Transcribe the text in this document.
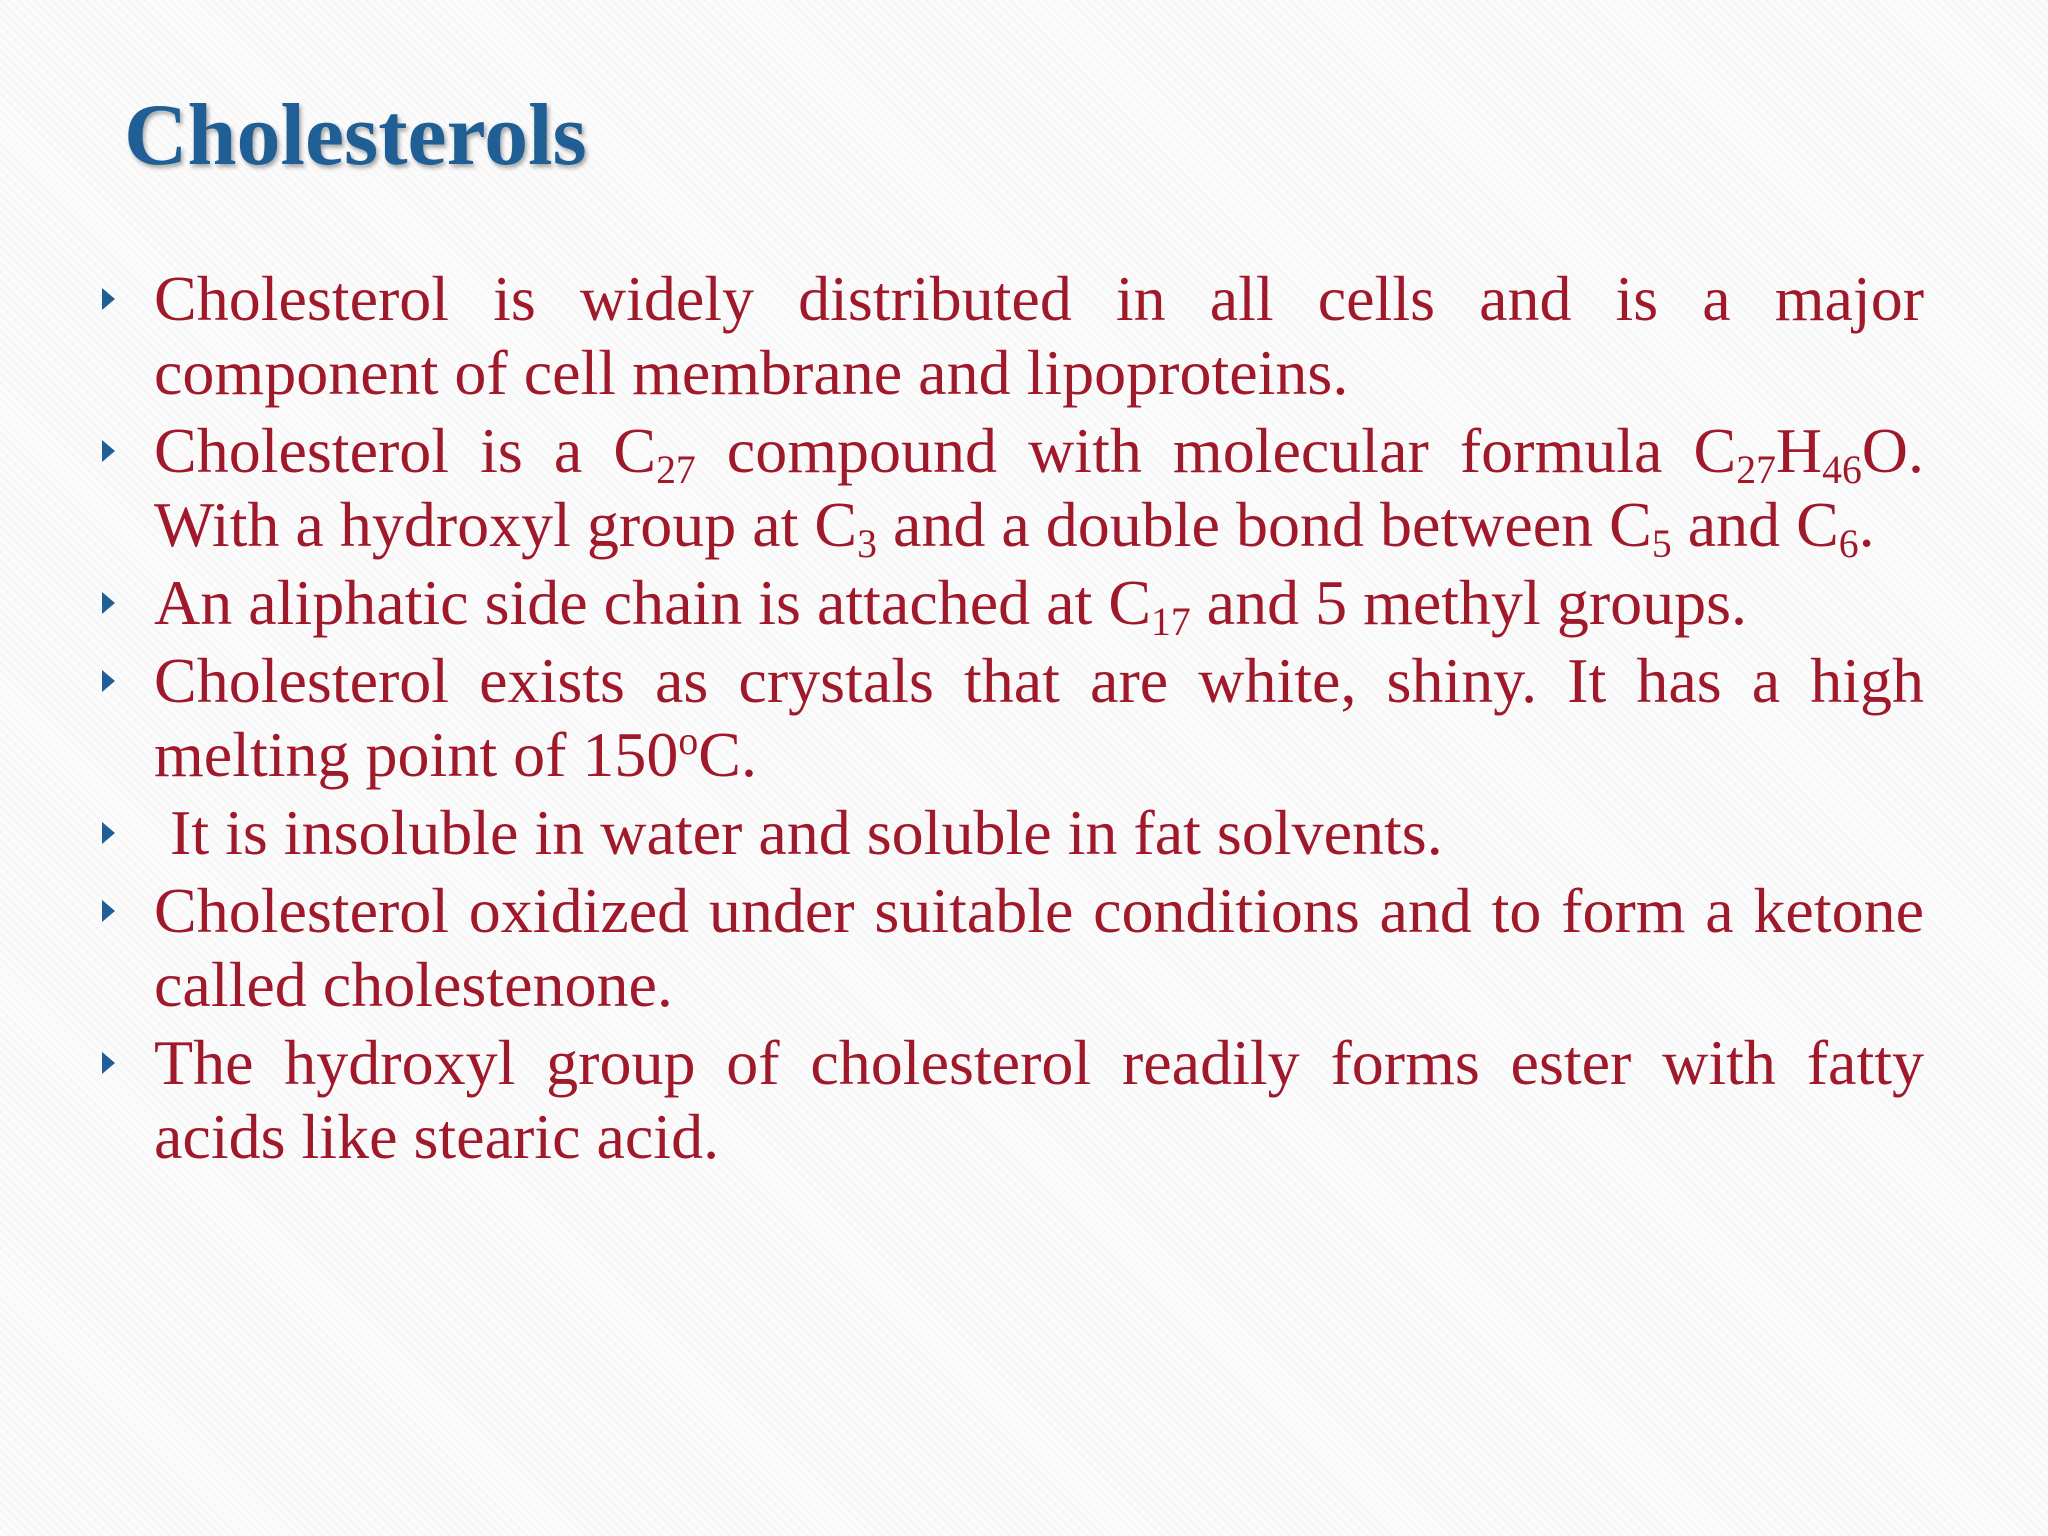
Cholesterols
Cholesterol is widely distributed in all cells and is a major component of cell membrane and lipoproteins.
Cholesterol is a $C_{27}$ compound with molecular formula $C_{27}H_{46}O$. With a hydroxyl group at $C_3$ and a double bond between $C_5$ and $C_6$.
An aliphatic side chain is attached at $C_{17}$ and 5 methyl groups.
Cholesterol exists as crystals that are white, shiny. It has a high melting point of 150$^o$C.
It is insoluble in water and soluble in fat solvents.
Cholesterol oxidized under suitable conditions and to form a ketone called cholestenone.
The hydroxyl group of cholesterol readily forms ester with fatty acids like stearic acid.
